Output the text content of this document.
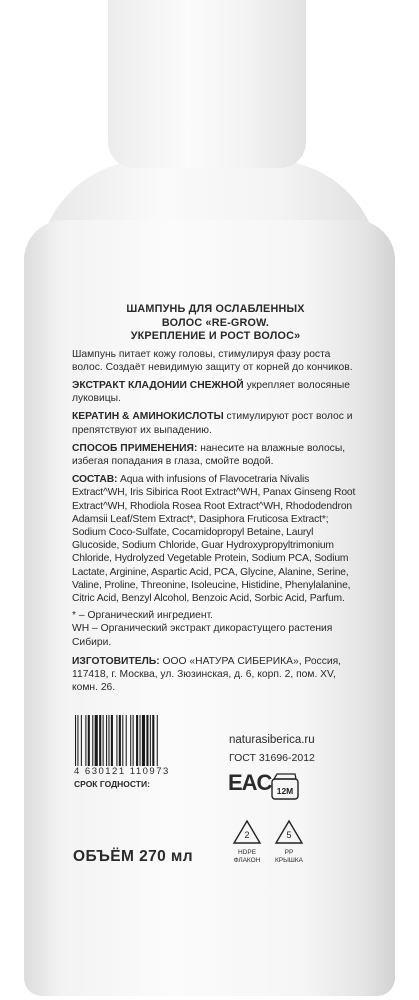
ШАМПУНЬ ДЛЯ ОСЛАБЛЕННЫХ
ВОЛОС «RE-GROW.
УКРЕПЛЕНИЕ И РОСТ ВОЛОС»

Шампунь питает кожу головы, стимулируя фазу роста волос. Создаёт невидимую защиту от корней до кончиков.

ЭКСТРАКТ КЛАДОНИИ СНЕЖНОЙ укрепляет волосяные луковицы.

КЕРАТИН & АМИНОКИСЛОТЫ стимулируют рост волос и препятствуют их выпадению.

СПОСОБ ПРИМЕНЕНИЯ: нанесите на влажные волосы, избегая попадания в глаза, смойте водой.

СОСТАВ: Aqua with infusions of Flavocetraria Nivalis Extract^WH, Iris Sibirica Root Extract^WH, Panax Ginseng Root Extract^WH, Rhodiola Rosea Root Extract^WH, Rhododendron Adamsii Leaf/Stem Extract*, Dasiphora Fruticosa Extract*; Sodium Coco-Sulfate, Cocamidopropyl Betaine, Lauryl Glucoside, Sodium Chloride, Guar Hydroxypropyltrimonium Chloride, Hydrolyzed Vegetable Protein, Sodium PCA, Sodium Lactate, Arginine, Aspartic Acid, PCA, Glycine, Alanine, Serine, Valine, Proline, Threonine, Isoleucine, Histidine, Phenylalanine, Citric Acid, Benzyl Alcohol, Benzoic Acid, Sorbic Acid, Parfum.

* – Органический ингредиент.
WH – Органический экстракт дикорастущего растения Сибири.

ИЗГОТОВИТЕЛЬ: ООО «НАТУРА СИБЕРИКА», Россия, 117418, г. Москва, ул. Зюзинская, д. 6, корп. 2, пом. XV, комн. 26.

4 630121 110973
СРОК ГОДНОСТИ:
naturasiberica.ru
ГОСТ 31696-2012
EAC 12M
2
HDPE
ФЛАКОН
5
PP
КРЫШКА
ОБЪЁМ 270 мл
